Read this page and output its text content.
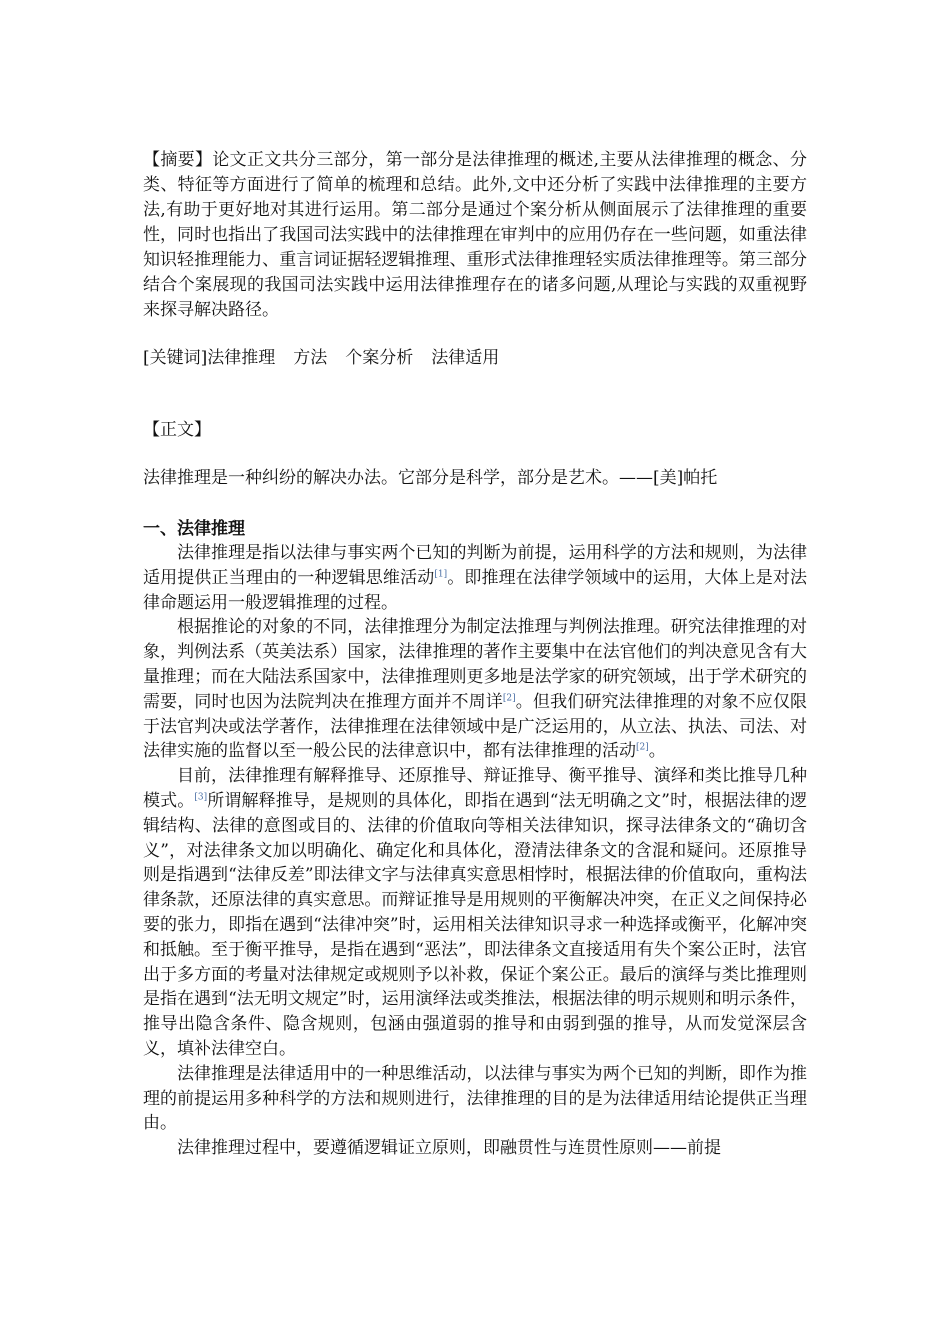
【摘要】论文正文共分三部分，第一部分是法律推理的概述,主要从法律推理的概念、分类、特征等方面进行了简单的梳理和总结。此外,文中还分析了实践中法律推理的主要方法,有助于更好地对其进行运用。第二部分是通过个案分析从侧面展示了法律推理的重要性，同时也指出了我国司法实践中的法律推理在审判中的应用仍存在一些问题，如重法律知识轻推理能力、重言词证据轻逻辑推理、重形式法律推理轻实质法律推理等。第三部分结合个案展现的我国司法实践中运用法律推理存在的诸多问题,从理论与实践的双重视野来探寻解决路径。
[关键词]法律推理 方法 个案分析 法律适用
【正文】
法律推理是一种纠纷的解决办法。它部分是科学，部分是艺术。——[美]帕托
一、法律推理

法律推理是指以法律与事实两个已知的判断为前提，运用科学的方法和规则，为法律适用提供正当理由的一种逻辑思维活动[1]。即推理在法律学领域中的运用，大体上是对法律命题运用一般逻辑推理的过程。

根据推论的对象的不同，法律推理分为制定法推理与判例法推理。研究法律推理的对象，判例法系（英美法系）国家，法律推理的著作主要集中在法官他们的判决意见含有大量推理；而在大陆法系国家中，法律推理则更多地是法学家的研究领域，出于学术研究的需要，同时也因为法院判决在推理方面并不周详[2]。但我们研究法律推理的对象不应仅限于法官判决或法学著作，法律推理在法律领域中是广泛运用的，从立法、执法、司法、对法律实施的监督以至一般公民的法律意识中，都有法律推理的活动[2]。

目前，法律推理有解释推导、还原推导、辩证推导、衡平推导、演绎和类比推导几种模式。[3]所谓解释推导，是规则的具体化，即指在遇到“法无明确之文”时，根据法律的逻辑结构、法律的意图或目的、法律的价值取向等相关法律知识，探寻法律条文的“确切含义”，对法律条文加以明确化、确定化和具体化，澄清法律条文的含混和疑问。还原推导则是指遇到“法律反差”即法律文字与法律真实意思相悖时，根据法律的价值取向，重构法律条款，还原法律的真实意思。而辩证推导是用规则的平衡解决冲突，在正义之间保持必要的张力，即指在遇到“法律冲突”时，运用相关法律知识寻求一种选择或衡平，化解冲突和抵触。至于衡平推导，是指在遇到“恶法”，即法律条文直接适用有失个案公正时，法官出于多方面的考量对法律规定或规则予以补救，保证个案公正。最后的演绎与类比推理则是指在遇到“法无明文规定”时，运用演绎法或类推法，根据法律的明示规则和明示条件，推导出隐含条件、隐含规则，包涵由强道弱的推导和由弱到强的推导，从而发觉深层含义，填补法律空白。

法律推理是法律适用中的一种思维活动，以法律与事实为两个已知的判断，即作为推理的前提运用多种科学的方法和规则进行，法律推理的目的是为法律适用结论提供正当理由。

法律推理过程中，要遵循逻辑证立原则，即融贯性与连贯性原则——前提
